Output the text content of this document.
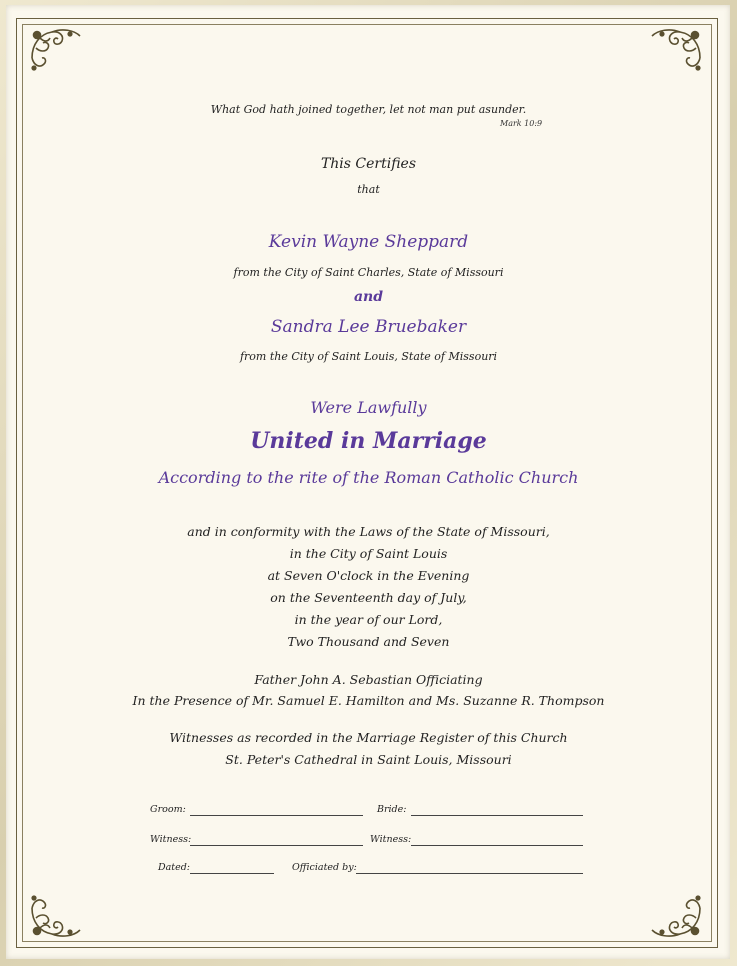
What God hath joined together, let not man put asunder.
Mark 10:9
This Certifies
that
Kevin Wayne Sheppard
from the City of Saint Charles, State of Missouri
and
Sandra Lee Bruebaker
from the City of Saint Louis, State of Missouri
Were Lawfully
United in Marriage
According to the rite of the Roman Catholic Church
and in conformity with the Laws of the State of Missouri,
in the City of Saint Louis
at Seven O'clock in the Evening
on the Seventeenth day of July,
in the year of our Lord,
Two Thousand and Seven
Father John A. Sebastian Officiating
In the Presence of Mr. Samuel E. Hamilton and Ms. Suzanne R. Thompson
Witnesses as recorded in the Marriage Register of this Church
St. Peter's Cathedral in Saint Louis, Missouri
Groom:	Bride:
Witness:	Witness:
Dated:	Officiated by:
